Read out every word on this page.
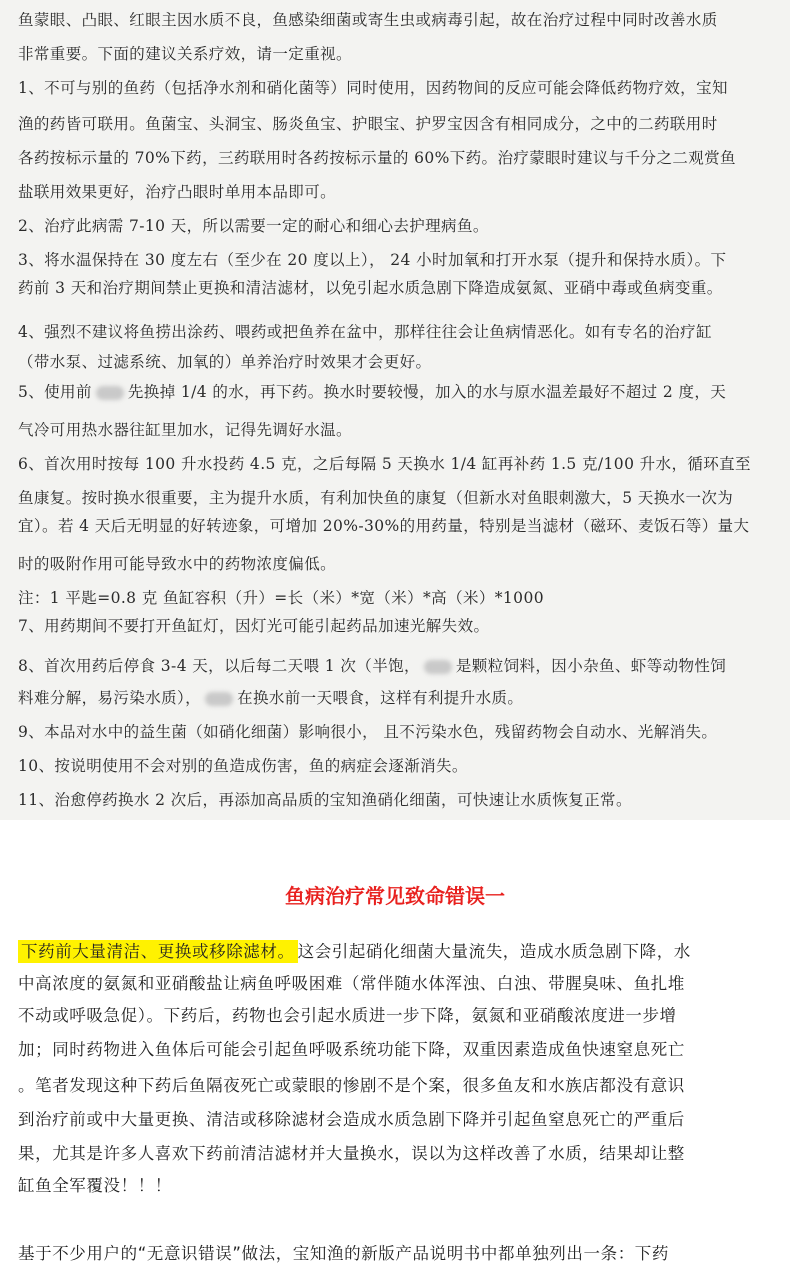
鱼蒙眼、凸眼、红眼主因水质不良，鱼感染细菌或寄生虫或病毒引起，故在治疗过程中同时改善水质
非常重要。下面的建议关系疗效，请一定重视。
1、不可与别的鱼药（包括净水剂和硝化菌等）同时使用，因药物间的反应可能会降低药物疗效，宝知
渔的药皆可联用。鱼菌宝、头洞宝、肠炎鱼宝、护眼宝、护罗宝因含有相同成分，之中的二药联用时
各药按标示量的 70%下药，三药联用时各药按标示量的 60%下药。治疗蒙眼时建议与千分之二观赏鱼
盐联用效果更好，治疗凸眼时单用本品即可。
2、治疗此病需 7-10 天，所以需要一定的耐心和细心去护理病鱼。
3、将水温保持在 30 度左右（至少在 20 度以上）， 24 小时加氧和打开水泵（提升和保持水质）。下
药前 3 天和治疗期间禁止更换和清洁滤材，以免引起水质急剧下降造成氨氮、亚硝中毒或鱼病变重。
4、强烈不建议将鱼捞出涂药、喂药或把鱼养在盆中，那样往往会让鱼病情恶化。如有专名的治疗缸
（带水泵、过滤系统、加氧的）单养治疗时效果才会更好。
5、使用前 先换掉 1/4 的水，再下药。换水时要较慢，加入的水与原水温差最好不超过 2 度，天
气冷可用热水器往缸里加水，记得先调好水温。
6、首次用时按每 100 升水投药 4.5 克，之后每隔 5 天换水 1/4 缸再补药 1.5 克/100 升水，循环直至
鱼康复。按时换水很重要，主为提升水质，有利加快鱼的康复（但新水对鱼眼刺激大，5 天换水一次为
宜）。若 4 天后无明显的好转迹象，可增加 20%-30%的用药量，特别是当滤材（磁环、麦饭石等）量大
时的吸附作用可能导致水中的药物浓度偏低。
注：1 平匙=0.8 克 鱼缸容积（升）=长（米）*宽（米）*高（米）*1000
7、用药期间不要打开鱼缸灯，因灯光可能引起药品加速光解失效。
8、首次用药后停食 3-4 天，以后每二天喂 1 次（半饱， 是颗粒饲料，因小杂鱼、虾等动物性饲
料难分解，易污染水质）， 在换水前一天喂食，这样有利提升水质。
9、本品对水中的益生菌（如硝化细菌）影响很小， 且不污染水色，残留药物会自动水、光解消失。
10、按说明使用不会对别的鱼造成伤害，鱼的病症会逐渐消失。
11、治愈停药换水 2 次后，再添加高品质的宝知渔硝化细菌，可快速让水质恢复正常。
鱼病治疗常见致命错误一
下药前大量清洁、更换或移除滤材。 这会引起硝化细菌大量流失，造成水质急剧下降，水
中高浓度的氨氮和亚硝酸盐让病鱼呼吸困难（常伴随水体浑浊、白浊、带腥臭味、鱼扎堆
不动或呼吸急促）。下药后，药物也会引起水质进一步下降，氨氮和亚硝酸浓度进一步增
加；同时药物进入鱼体后可能会引起鱼呼吸系统功能下降，双重因素造成鱼快速窒息死亡
。笔者发现这种下药后鱼隔夜死亡或蒙眼的惨剧不是个案，很多鱼友和水族店都没有意识
到治疗前或中大量更换、清洁或移除滤材会造成水质急剧下降并引起鱼窒息死亡的严重后
果，尤其是许多人喜欢下药前清洁滤材并大量换水，误以为这样改善了水质，结果却让整
缸鱼全军覆没！！！
基于不少用户的“无意识错误”做法，宝知渔的新版产品说明书中都单独列出一条：下药
